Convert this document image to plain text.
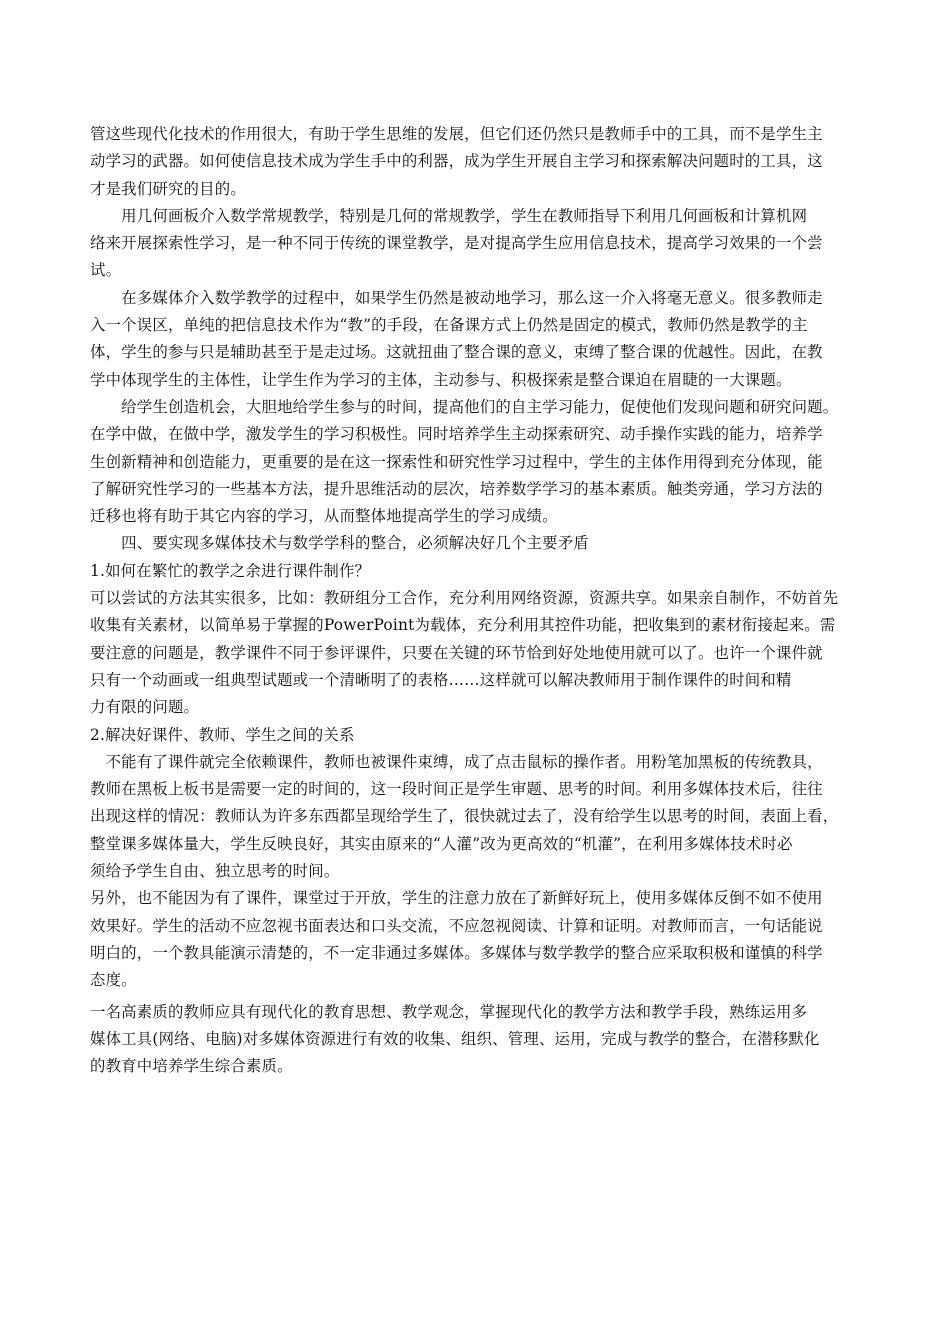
管这些现代化技术的作用很大，有助于学生思维的发展，但它们还仍然只是教师手中的工具，而不是学生主
动学习的武器。如何使信息技术成为学生手中的利器，成为学生开展自主学习和探索解决问题时的工具，这
才是我们研究的目的。
　　用几何画板介入数学常规教学，特别是几何的常规教学，学生在教师指导下利用几何画板和计算机网
络来开展探索性学习，是一种不同于传统的课堂教学，是对提高学生应用信息技术，提高学习效果的一个尝
试。
　　在多媒体介入数学教学的过程中，如果学生仍然是被动地学习，那么这一介入将毫无意义。很多教师走
入一个误区，单纯的把信息技术作为“教”的手段，在备课方式上仍然是固定的模式，教师仍然是教学的主
体，学生的参与只是辅助甚至于是走过场。这就扭曲了整合课的意义，束缚了整合课的优越性。因此，在教
学中体现学生的主体性，让学生作为学习的主体，主动参与、积极探索是整合课迫在眉睫的一大课题。
　　给学生创造机会，大胆地给学生参与的时间，提高他们的自主学习能力，促使他们发现问题和研究问题。
在学中做，在做中学，激发学生的学习积极性。同时培养学生主动探索研究、动手操作实践的能力，培养学
生创新精神和创造能力，更重要的是在这一探索性和研究性学习过程中，学生的主体作用得到充分体现，能
了解研究性学习的一些基本方法，提升思维活动的层次，培养数学学习的基本素质。触类旁通，学习方法的
迁移也将有助于其它内容的学习，从而整体地提高学生的学习成绩。
　　四、要实现多媒体技术与数学学科的整合，必须解决好几个主要矛盾
1.如何在繁忙的教学之余进行课件制作？
可以尝试的方法其实很多，比如：教研组分工合作，充分利用网络资源，资源共享。如果亲自制作，不妨首先
收集有关素材，以简单易于掌握的PowerPoint为载体，充分利用其控件功能，把收集到的素材衔接起来。需
要注意的问题是，教学课件不同于参评课件，只要在关键的环节恰到好处地使用就可以了。也许一个课件就
只有一个动画或一组典型试题或一个清晰明了的表格……这样就可以解决教师用于制作课件的时间和精
力有限的问题。
2.解决好课件、教师、学生之间的关系
　不能有了课件就完全依赖课件，教师也被课件束缚，成了点击鼠标的操作者。用粉笔加黑板的传统教具，
教师在黑板上板书是需要一定的时间的，这一段时间正是学生审题、思考的时间。利用多媒体技术后，往往
出现这样的情况：教师认为许多东西都呈现给学生了，很快就过去了，没有给学生以思考的时间，表面上看，
整堂课多媒体量大，学生反映良好，其实由原来的“人灌”改为更高效的“机灌”，在利用多媒体技术时必
须给予学生自由、独立思考的时间。
另外，也不能因为有了课件，课堂过于开放，学生的注意力放在了新鲜好玩上，使用多媒体反倒不如不使用
效果好。学生的活动不应忽视书面表达和口头交流，不应忽视阅读、计算和证明。对教师而言，一句话能说
明白的，一个教具能演示清楚的，不一定非通过多媒体。多媒体与数学教学的整合应采取积极和谨慎的科学
态度。
一名高素质的教师应具有现代化的教育思想、教学观念，掌握现代化的教学方法和教学手段，熟练运用多
媒体工具(网络、电脑)对多媒体资源进行有效的收集、组织、管理、运用，完成与教学的整合，在潜移默化
的教育中培养学生综合素质。
